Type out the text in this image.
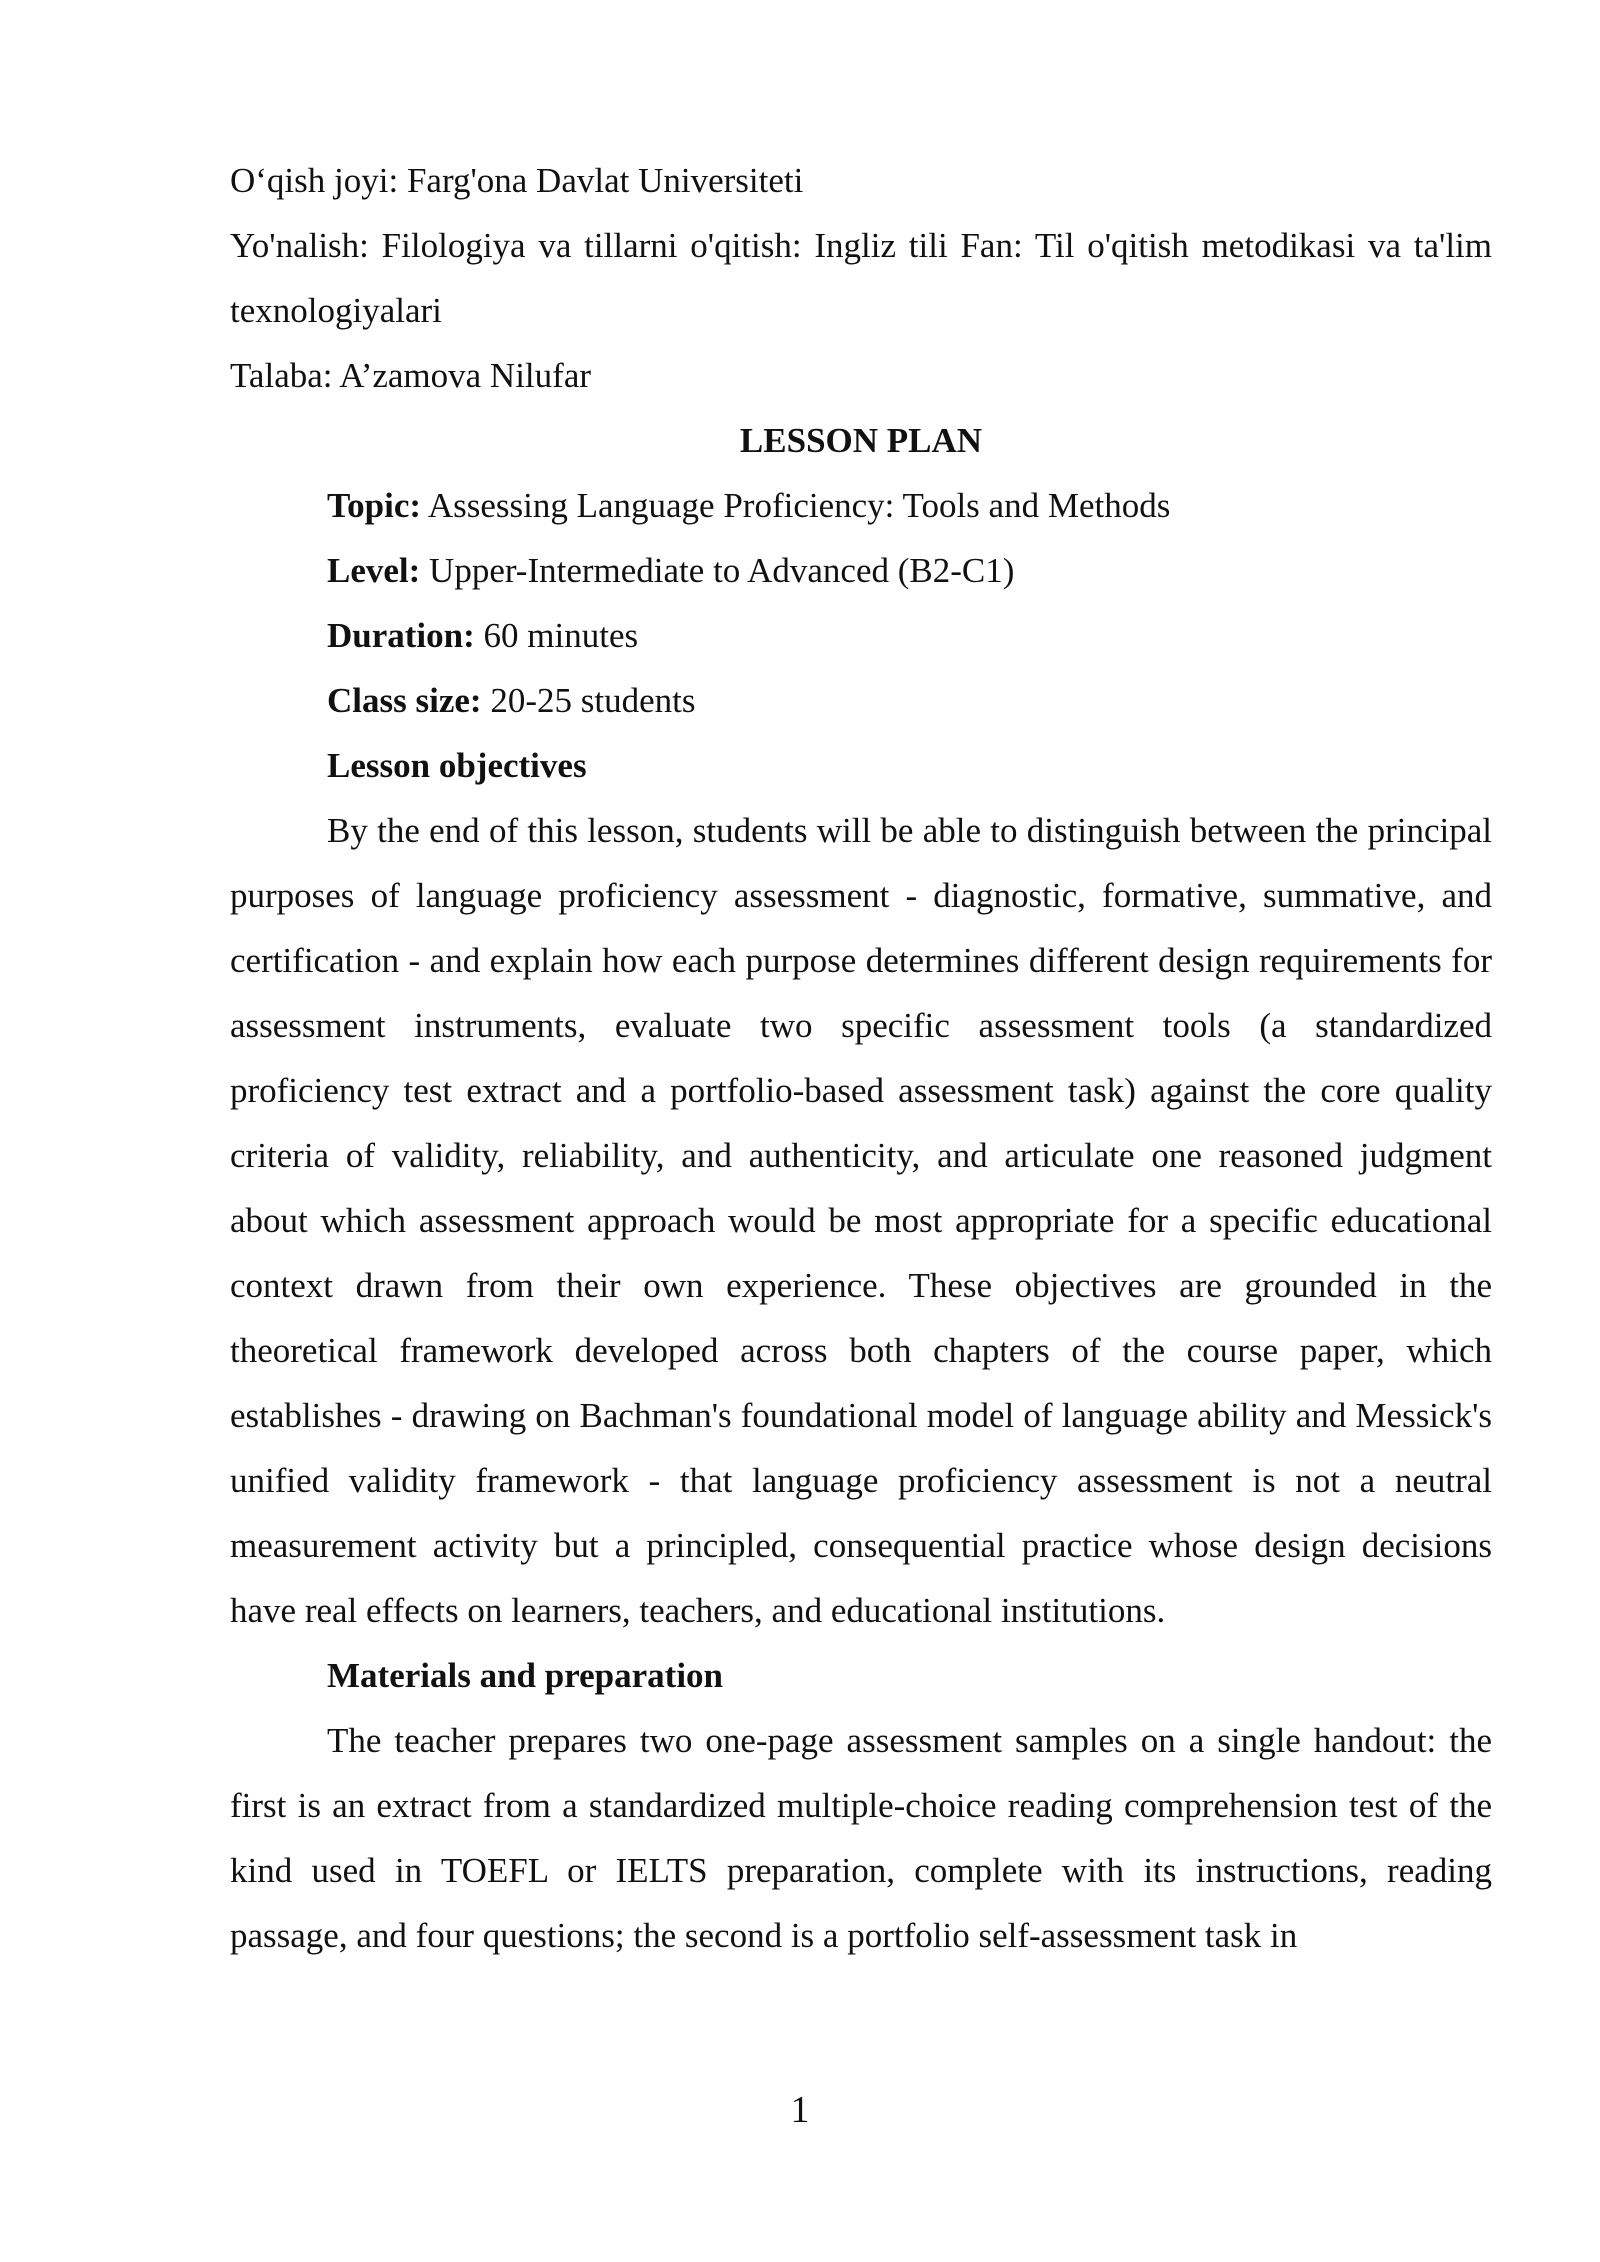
O‘qish joyi: Farg'ona Davlat Universiteti

Yo'nalish: Filologiya va tillarni o'qitish: Ingliz tili Fan: Til o'qitish metodikasi va ta'lim texnologiyalari

Talaba: A’zamova Nilufar

LESSON PLAN

Topic: Assessing Language Proficiency: Tools and Methods

Level: Upper-Intermediate to Advanced (B2-C1)

Duration: 60 minutes

Class size: 20-25 students

Lesson objectives

By the end of this lesson, students will be able to distinguish between the principal purposes of language proficiency assessment - diagnostic, formative, summative, and certification - and explain how each purpose determines different design requirements for assessment instruments, evaluate two specific assessment tools (a standardized proficiency test extract and a portfolio-based assessment task) against the core quality criteria of validity, reliability, and authenticity, and articulate one reasoned judgment about which assessment approach would be most appropriate for a specific educational context drawn from their own experience. These objectives are grounded in the theoretical framework developed across both chapters of the course paper, which establishes - drawing on Bachman's foundational model of language ability and Messick's unified validity framework - that language proficiency assessment is not a neutral measurement activity but a principled, consequential practice whose design decisions have real effects on learners, teachers, and educational institutions.

Materials and preparation

The teacher prepares two one-page assessment samples on a single handout: the first is an extract from a standardized multiple-choice reading comprehension test of the kind used in TOEFL or IELTS preparation, complete with its instructions, reading passage, and four questions; the second is a portfolio self-assessment task in

1
